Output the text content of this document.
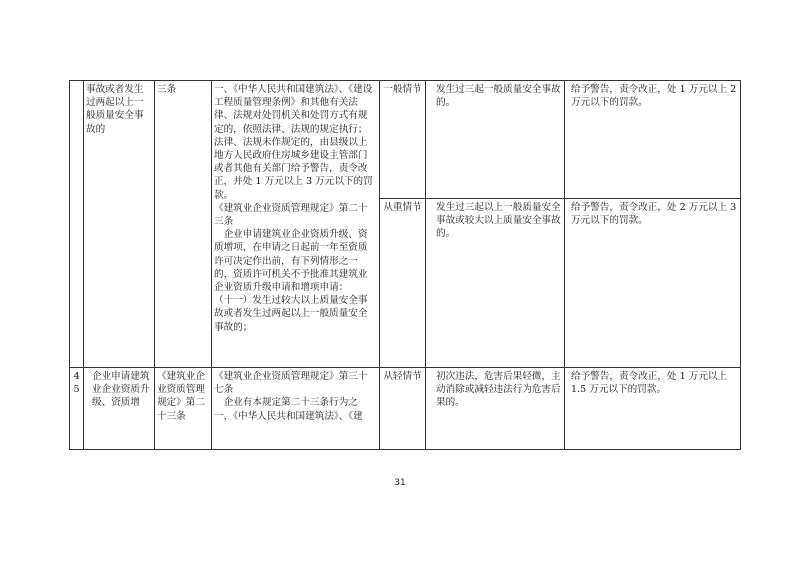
	事故或者发生过两起以上一般质量安全事故的	三条	一、《中华人民共和国建筑法》、《建设工程质量管理条例》和其他有关法律、法规对处罚机关和处罚方式有规定的，依照法律、法规的规定执行；法律、法规未作规定的，由县级以上地方人民政府住房城乡建设主管部门或者其他有关部门给予警告，责令改正，并处 1 万元以上 3 万元以下的罚款。
《建筑业企业资质管理规定》第二十三条
　企业申请建筑业企业资质升级、资质增项，在申请之日起前一年至资质许可决定作出前，有下列情形之一的，资质许可机关不予批准其建筑业企业资质升级申请和增项申请：
（十一）发生过较大以上质量安全事故或者发生过两起以上一般质量安全事故的；	一般情节	发生过三起一般质量安全事故的。	给予警告，责令改正，处 1 万元以上 2 万元以下的罚款。
				从重情节	发生过三起以上一般质量安全事故或较大以上质量安全事故的。	给予警告，责令改正，处 2 万元以上 3 万元以下的罚款。
45	企业申请建筑业企业资质升级、资质增	《建筑业企业资质管理规定》第二十三条	《建筑业企业资质管理规定》第三十七条
　企业有本规定第二十三条行为之一，《中华人民共和国建筑法》、《建	从轻情节	初次违法，危害后果轻微，主动消除或减轻违法行为危害后果的。	给予警告，责令改正，处 1 万元以上 1.5 万元以下的罚款。
31
